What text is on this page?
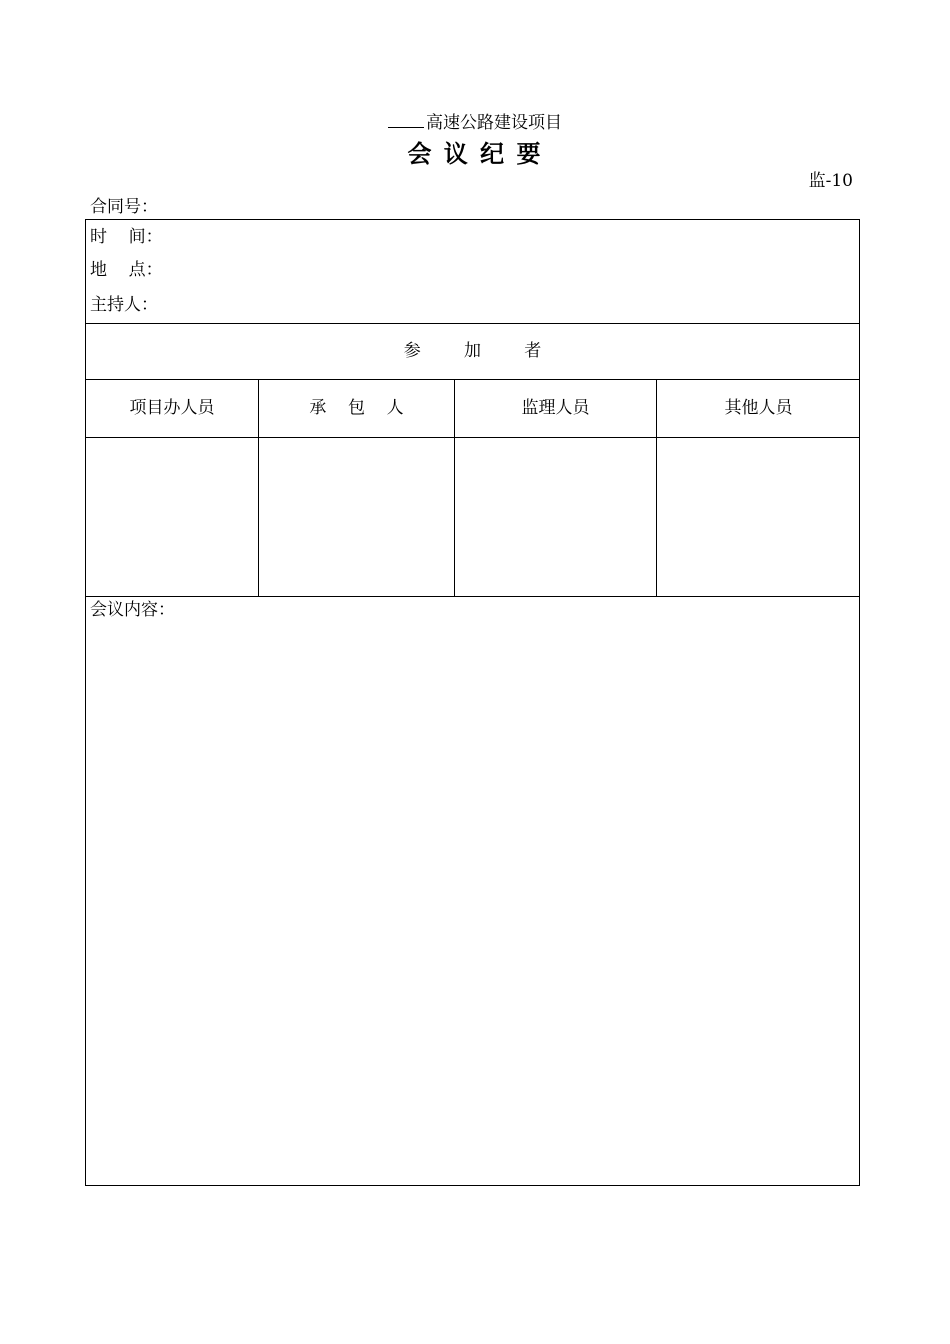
高速公路建设项目
会 议 纪 要
监-10
合同号：
时    间：
地    点：
主持人：
参        加        者
项目办人员	承    包    人	监理人员	其他人员
会议内容：
